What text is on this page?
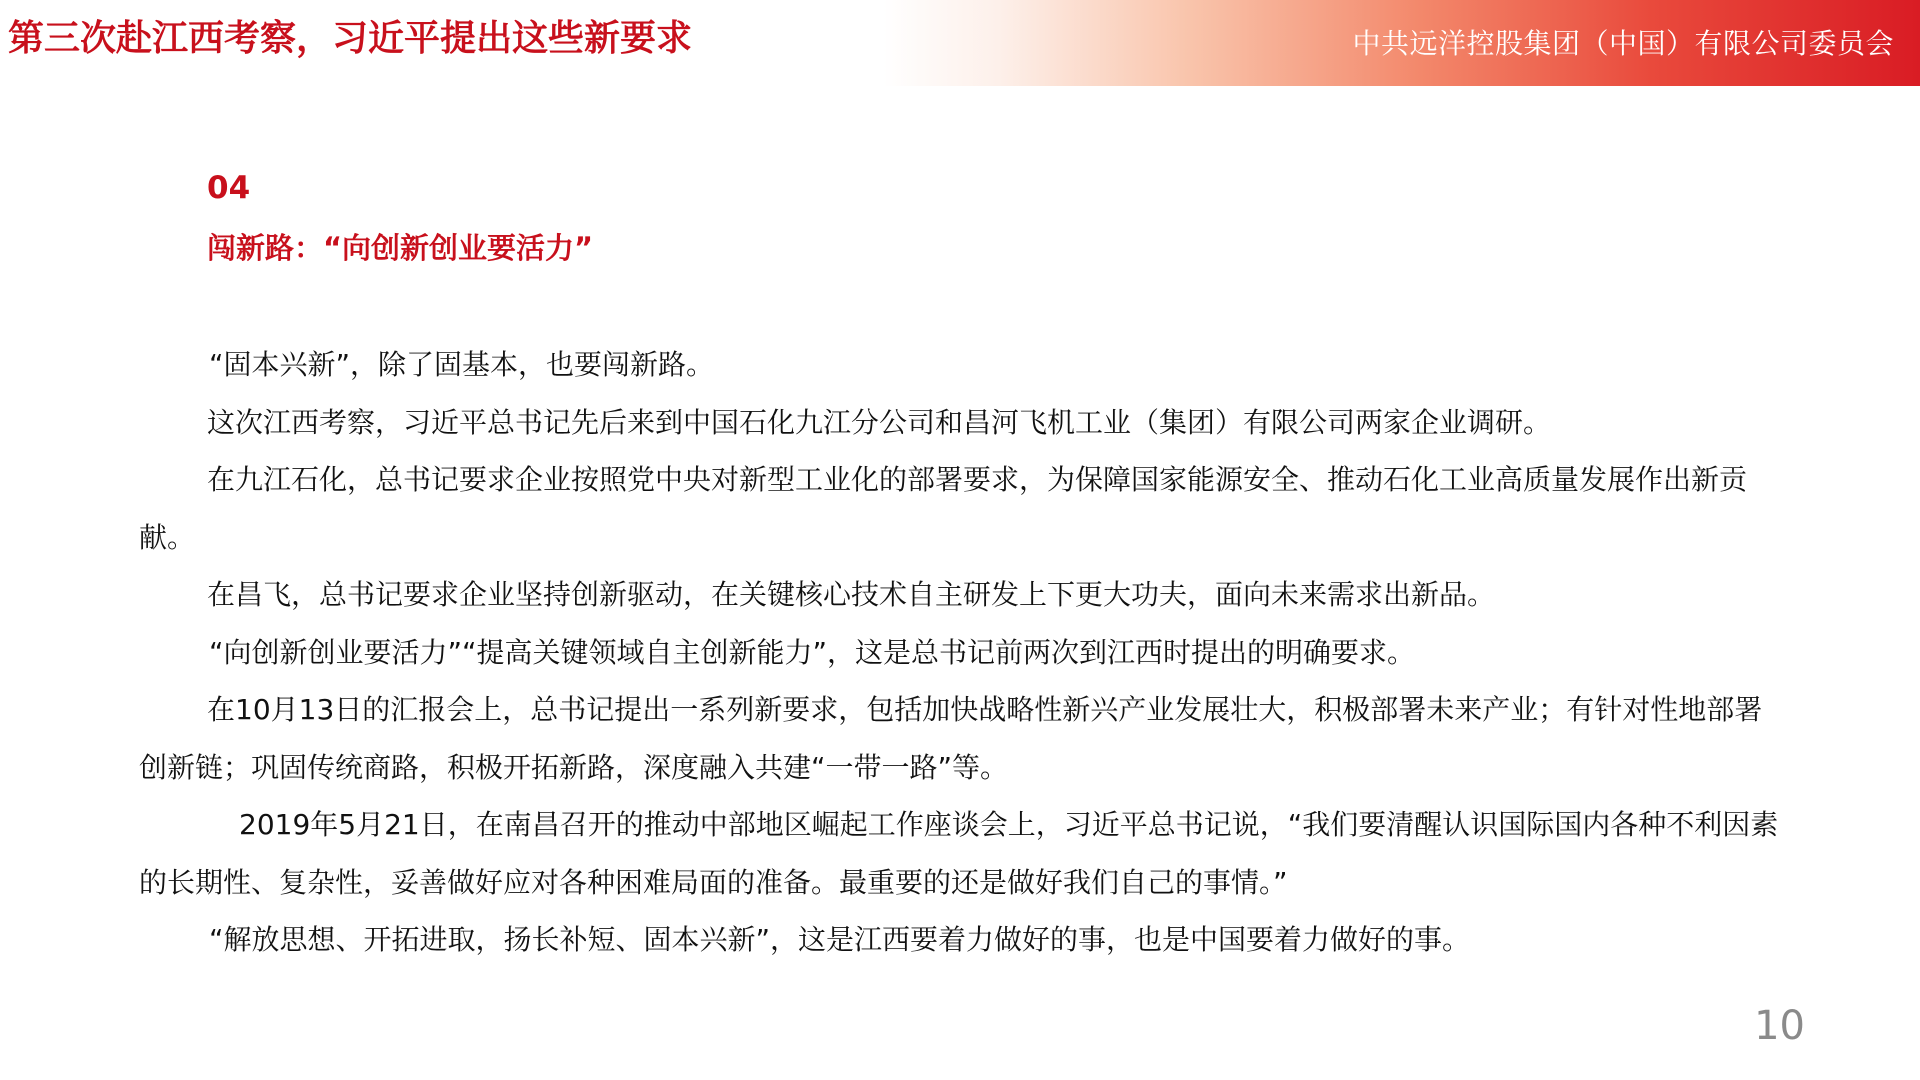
第三次赴江西考察，习近平提出这些新要求	中共远洋控股集团（中国）有限公司委员会
04
闯新路：“向创新创业要活力”

“固本兴新”，除了固基本，也要闯新路。

这次江西考察，习近平总书记先后来到中国石化九江分公司和昌河飞机工业（集团）有限公司两家企业调研。

在九江石化，总书记要求企业按照党中央对新型工业化的部署要求，为保障国家能源安全、推动石化工业高质量发展作出新贡献。

在昌飞，总书记要求企业坚持创新驱动，在关键核心技术自主研发上下更大功夫，面向未来需求出新品。

“向创新创业要活力”“提高关键领域自主创新能力”，这是总书记前两次到江西时提出的明确要求。

在10月13日的汇报会上，总书记提出一系列新要求，包括加快战略性新兴产业发展壮大，积极部署未来产业；有针对性地部署创新链；巩固传统商路，积极开拓新路，深度融入共建“一带一路”等。

2019年5月21日，在南昌召开的推动中部地区崛起工作座谈会上，习近平总书记说，“我们要清醒认识国际国内各种不利因素的长期性、复杂性，妥善做好应对各种困难局面的准备。最重要的还是做好我们自己的事情。”

“解放思想、开拓进取，扬长补短、固本兴新”，这是江西要着力做好的事，也是中国要着力做好的事。

10
